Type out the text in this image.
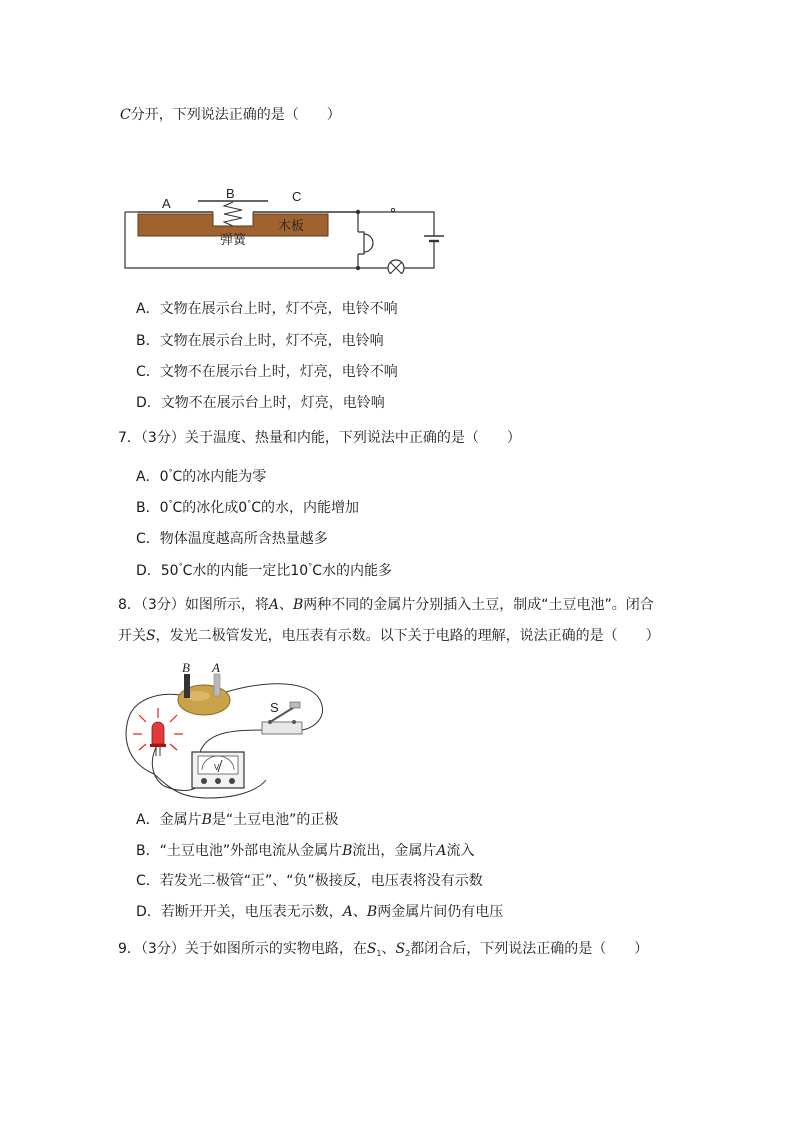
C分开，下列说法正确的是（　　）
A
B	C
弹簧
木板
A．文物在展示台上时，灯不亮，电铃不响
B．文物在展示台上时，灯不亮，电铃响
C．文物不在展示台上时，灯亮，电铃不响
D．文物不在展示台上时，灯亮，电铃响
7．（3分）关于温度、热量和内能，下列说法中正确的是（　　）
A．0°C的冰内能为零
B．0°C的冰化成0°C的水，内能增加
C．物体温度越高所含热量越多
D．50°C水的内能一定比10°C水的内能多
8．（3分）如图所示，将A、B两种不同的金属片分别插入土豆，制成“土豆电池”。闭合
开关S，发光二极管发光，电压表有示数。以下关于电路的理解，说法正确的是（　　）
B A
S
V
A．金属片B是“土豆电池”的正极
B．“土豆电池”外部电流从金属片B流出，金属片A流入
C．若发光二极管“正”、“负”极接反，电压表将没有示数
D．若断开开关，电压表无示数，A、B两金属片间仍有电压
9．（3分）关于如图所示的实物电路，在$S_1$、$S_2$都闭合后，下列说法正确的是（　　）
